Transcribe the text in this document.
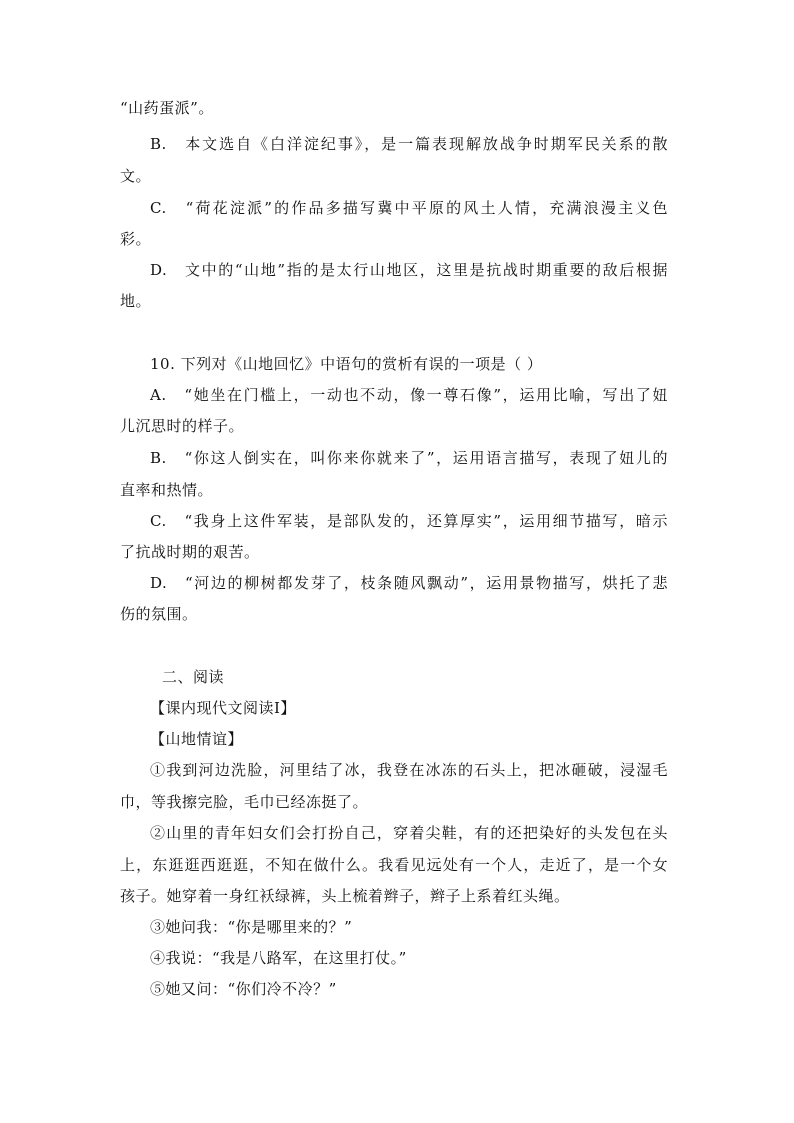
“山药蛋派”。
B.　本文选自《白洋淀纪事》，是一篇表现解放战争时期军民关系的散
文。
C.　“荷花淀派”的作品多描写冀中平原的风土人情，充满浪漫主义色
彩。
D.　文中的“山地”指的是太行山地区，这里是抗战时期重要的敌后根据
地。
10. 下列对《山地回忆》中语句的赏析有误的一项是（ ）
A.　“她坐在门槛上，一动也不动，像一尊石像”，运用比喻，写出了妞
儿沉思时的样子。
B.　“你这人倒实在，叫你来你就来了”，运用语言描写，表现了妞儿的
直率和热情。
C.　“我身上这件军装，是部队发的，还算厚实”，运用细节描写，暗示
了抗战时期的艰苦。
D.　“河边的柳树都发芽了，枝条随风飘动”，运用景物描写，烘托了悲
伤的氛围。
二、阅读
【课内现代文阅读Ⅰ】
【山地情谊】
①我到河边洗脸，河里结了冰，我登在冰冻的石头上，把冰砸破，浸湿毛
巾，等我擦完脸，毛巾已经冻挺了。
②山里的青年妇女们会打扮自己，穿着尖鞋，有的还把染好的头发包在头
上，东逛逛西逛逛，不知在做什么。我看见远处有一个人，走近了，是一个女
孩子。她穿着一身红袄绿裤，头上梳着辫子，辫子上系着红头绳。
③她问我：“你是哪里来的？”
④我说：“我是八路军，在这里打仗。”
⑤她又问：“你们冷不冷？”
